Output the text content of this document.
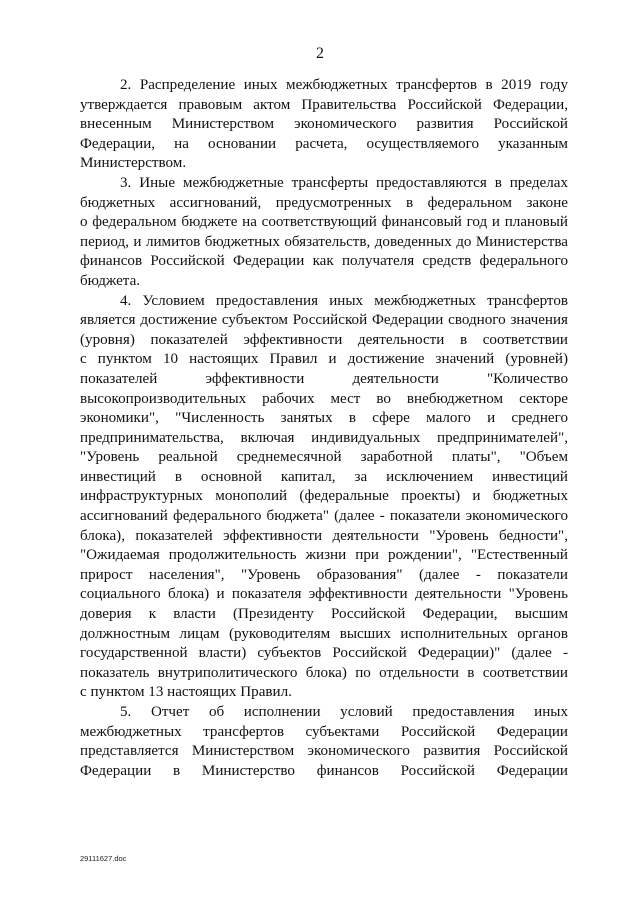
2

2. Распределение иных межбюджетных трансфертов в 2019 году

утверждается правовым актом Правительства Российской Федерации,

внесенным Министерством экономического развития Российской

Федерации, на основании расчета, осуществляемого указанным

Министерством.

3. Иные межбюджетные трансферты предоставляются в пределах

бюджетных ассигнований, предусмотренных в федеральном законе

о федеральном бюджете на соответствующий финансовый год и плановый

период, и лимитов бюджетных обязательств, доведенных до Министерства

финансов Российской Федерации как получателя средств федерального

бюджета.

4. Условием предоставления иных межбюджетных трансфертов

является достижение субъектом Российской Федерации сводного значения

(уровня) показателей эффективности деятельности в соответствии

с пунктом 10 настоящих Правил и достижение значений (уровней)

показателей эффективности деятельности "Количество

высокопроизводительных рабочих мест во внебюджетном секторе

экономики", "Численность занятых в сфере малого и среднего

предпринимательства, включая индивидуальных предпринимателей",

"Уровень реальной среднемесячной заработной платы", "Объем

инвестиций в основной капитал, за исключением инвестиций

инфраструктурных монополий (федеральные проекты) и бюджетных

ассигнований федерального бюджета" (далее - показатели экономического

блока), показателей эффективности деятельности "Уровень бедности",

"Ожидаемая продолжительность жизни при рождении", "Естественный

прирост населения", "Уровень образования" (далее - показатели

социального блока) и показателя эффективности деятельности "Уровень

доверия к власти (Президенту Российской Федерации, высшим

должностным лицам (руководителям высших исполнительных органов

государственной власти) субъектов Российской Федерации)" (далее -

показатель внутриполитического блока) по отдельности в соответствии

с пунктом 13 настоящих Правил.

5. Отчет об исполнении условий предоставления иных

межбюджетных трансфертов субъектами Российской Федерации

представляется Министерством экономического развития Российской

Федерации в Министерство финансов Российской Федерации

29111627.doc
